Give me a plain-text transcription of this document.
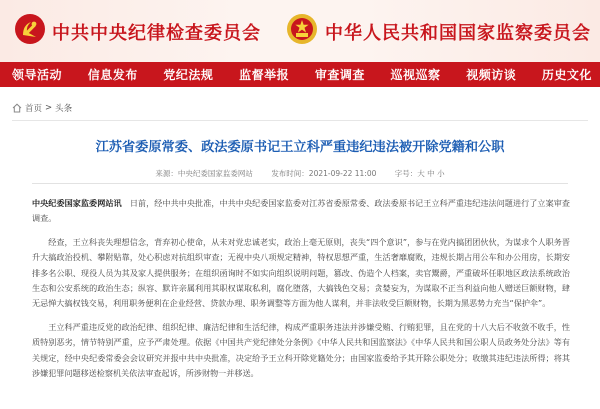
中共中央纪律检查委员会	中华人民共和国国家监察委员会
领导活动 信息发布 党纪法规 监督举报 审查调查 巡视巡察 视频访谈 历史文化
首页 > 头条
江苏省委原常委、政法委原书记王立科严重违纪违法被开除党籍和公职
来源：中央纪委国家监委网站 发布时间：2021-09-22 11:00 字号：大 中 小

中央纪委国家监委网站讯　 日前，经中共中央批准，中共中央纪委国家监委对江苏省委原常委、政法委原书记王立科严重违纪违法问题进行了立案审查调查。

经查，王立科丧失理想信念，背弃初心使命，从未对党忠诚老实，政治上毫无原则，丧失“四个意识”，参与在党内搞团团伙伙，为谋求个人职务晋升大搞政治投机、攀附贴靠，处心积虑对抗组织审查；无视中央八项规定精神，特权思想严重，生活奢靡腐败，违规长期占用公车和办公用房，长期安排多名公职、现役人员为其及家人提供服务；在组织函询时不如实向组织说明问题，篡改、伪造个人档案，卖官鬻爵，严重破坏任职地区政法系统政治生态和公安系统的政治生态；纵容、默许亲属利用其职权谋取私利，腐化堕落，大搞钱色交易；贪婪妄为，为谋取不正当利益向他人赠送巨额财物，肆无忌惮大搞权钱交易，利用职务便利在企业经营、贷款办理、职务调整等方面为他人谋利，并非法收受巨额财物，长期为黑恶势力充当“保护伞”。

王立科严重违反党的政治纪律、组织纪律、廉洁纪律和生活纪律，构成严重职务违法并涉嫌受贿、行贿犯罪，且在党的十八大后不收敛不收手，性质特别恶劣，情节特别严重，应予严肃处理。依据《中国共产党纪律处分条例》《中华人民共和国监察法》《中华人民共和国公职人员政务处分法》等有关规定，经中央纪委常委会会议研究并报中共中央批准，决定给予王立科开除党籍处分；由国家监委给予其开除公职处分；收缴其违纪违法所得；将其涉嫌犯罪问题移送检察机关依法审查起诉，所涉财物一并移送。
